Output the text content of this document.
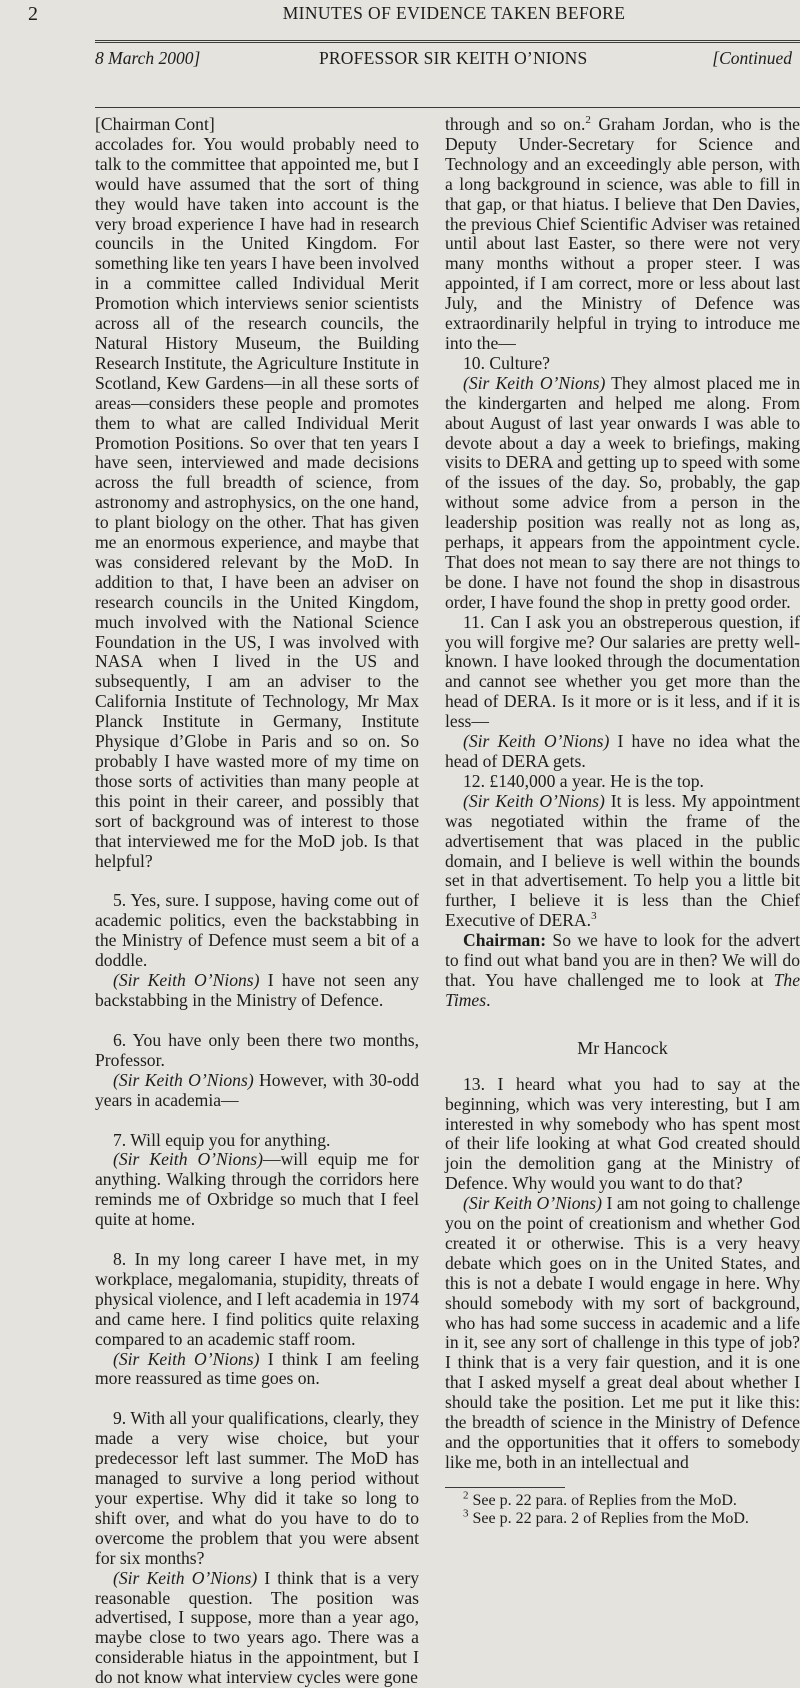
2	MINUTES OF EVIDENCE TAKEN BEFORE
8 March 2000]	PROFESSOR SIR KEITH O’NIONS	[Continued

[Chairman Cont]

accolades for. You would probably need to talk to the committee that appointed me, but I would have assumed that the sort of thing they would have taken into account is the very broad experience I have had in research councils in the United Kingdom. For something like ten years I have been involved in a committee called Individual Merit Promotion which interviews senior scientists across all of the research councils, the Natural History Museum, the Building Research Institute, the Agriculture Institute in Scotland, Kew Gardens—in all these sorts of areas—considers these people and promotes them to what are called Individual Merit Promotion Positions. So over that ten years I have seen, interviewed and made decisions across the full breadth of science, from astronomy and astrophysics, on the one hand, to plant biology on the other. That has given me an enormous experience, and maybe that was considered relevant by the MoD. In addition to that, I have been an adviser on research councils in the United Kingdom, much involved with the National Science Foundation in the US, I was involved with NASA when I lived in the US and subsequently, I am an adviser to the California Institute of Technology, Mr Max Planck Institute in Germany, Institute Physique d’Globe in Paris and so on. So probably I have wasted more of my time on those sorts of activities than many people at this point in their career, and possibly that sort of background was of interest to those that interviewed me for the MoD job. Is that helpful?

5. Yes, sure. I suppose, having come out of academic politics, even the backstabbing in the Ministry of Defence must seem a bit of a doddle.

(Sir Keith O’Nions) I have not seen any backstabbing in the Ministry of Defence.

6. You have only been there two months, Professor.

(Sir Keith O’Nions) However, with 30-odd years in academia—

7. Will equip you for anything.

(Sir Keith O’Nions)—will equip me for anything. Walking through the corridors here reminds me of Oxbridge so much that I feel quite at home.

8. In my long career I have met, in my workplace, megalomania, stupidity, threats of physical violence, and I left academia in 1974 and came here. I find politics quite relaxing compared to an academic staff room.

(Sir Keith O’Nions) I think I am feeling more reassured as time goes on.

9. With all your qualifications, clearly, they made a very wise choice, but your predecessor left last summer. The MoD has managed to survive a long period without your expertise. Why did it take so long to shift over, and what do you have to do to overcome the problem that you were absent for six months?

(Sir Keith O’Nions) I think that is a very reasonable question. The position was advertised, I suppose, more than a year ago, maybe close to two years ago. There was a considerable hiatus in the appointment, but I do not know what interview cycles were gone

through and so on.$^2$ Graham Jordan, who is the Deputy Under-Secretary for Science and Technology and an exceedingly able person, with a long background in science, was able to fill in that gap, or that hiatus. I believe that Den Davies, the previous Chief Scientific Adviser was retained until about last Easter, so there were not very many months without a proper steer. I was appointed, if I am correct, more or less about last July, and the Ministry of Defence was extraordinarily helpful in trying to introduce me into the—

10. Culture?

(Sir Keith O’Nions) They almost placed me in the kindergarten and helped me along. From about August of last year onwards I was able to devote about a day a week to briefings, making visits to DERA and getting up to speed with some of the issues of the day. So, probably, the gap without some advice from a person in the leadership position was really not as long as, perhaps, it appears from the appointment cycle. That does not mean to say there are not things to be done. I have not found the shop in disastrous order, I have found the shop in pretty good order.

11. Can I ask you an obstreperous question, if you will forgive me? Our salaries are pretty well-known. I have looked through the documentation and cannot see whether you get more than the head of DERA. Is it more or is it less, and if it is less—

(Sir Keith O’Nions) I have no idea what the head of DERA gets.

12. £140,000 a year. He is the top.

(Sir Keith O’Nions) It is less. My appointment was negotiated within the frame of the advertisement that was placed in the public domain, and I believe is well within the bounds set in that advertisement. To help you a little bit further, I believe it is less than the Chief Executive of DERA.$^3$

Chairman: So we have to look for the advert to find out what band you are in then? We will do that. You have challenged me to look at The Times.

Mr Hancock

13. I heard what you had to say at the beginning, which was very interesting, but I am interested in why somebody who has spent most of their life looking at what God created should join the demolition gang at the Ministry of Defence. Why would you want to do that?

(Sir Keith O’Nions) I am not going to challenge you on the point of creationism and whether God created it or otherwise. This is a very heavy debate which goes on in the United States, and this is not a debate I would engage in here. Why should somebody with my sort of background, who has had some success in academic and a life in it, see any sort of challenge in this type of job? I think that is a very fair question, and it is one that I asked myself a great deal about whether I should take the position. Let me put it like this: the breadth of science in the Ministry of Defence and the opportunities that it offers to somebody like me, both in an intellectual and

$^2$ See p. 22 para. of Replies from the MoD.

$^3$ See p. 22 para. 2 of Replies from the MoD.
